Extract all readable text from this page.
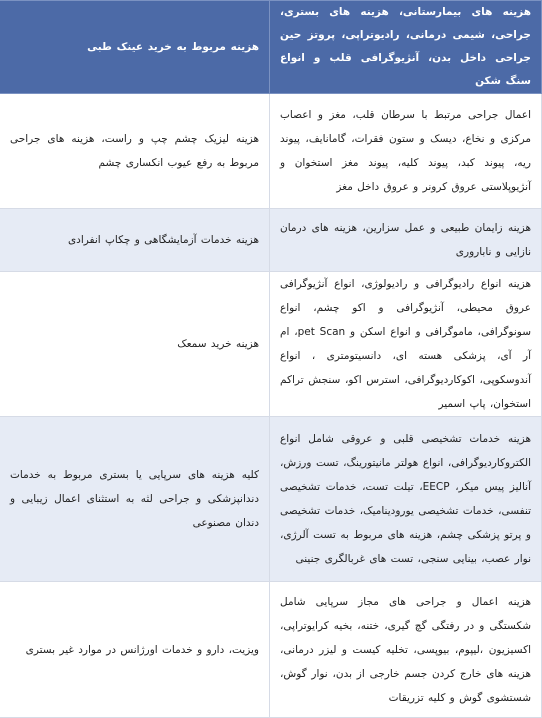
هزینه های بیمارستانی، هزینه های بستری، جراحی، شیمی درمانی، رادیوتراپی، پروتز حین جراحی داخل بدن، آنژیوگرافی قلب و انواع سنگ شکن	هزینه مربوط به خرید عینک طبی
اعمال جراحی مرتبط با سرطان قلب، مغز و اعصاب مرکزی و نخاع، دیسک و ستون فقرات، گامانایف، پیوند ریه، پیوند کبد، پیوند کلیه، پیوند مغز استخوان و آنژیوپلاستی عروق کرونر و عروق داخل مغز	هزینه لیزیک چشم چپ و راست، هزینه های جراحی مربوط به رفع عیوب انکساری چشم
هزینه زایمان طبیعی و عمل سزارین، هزینه های درمان نازایی و ناباروری	هزینه خدمات آزمایشگاهی و چکاپ انفرادی
هزینه انواع رادیوگرافی و رادیولوژی، انواع آنژیوگرافی عروق محیطی، آنژیوگرافی و اکو چشم، انواع سونوگرافی، ماموگرافی و انواع اسکن و pet Scan، ام آر آی، پزشکی هسته ای، دانسیتومتری ، انواع آندوسکوپی، اکوکاردیوگرافی، استرس اکو، سنجش تراکم استخوان، پاپ اسمیر	هزینه خرید سمعک
هزینه خدمات تشخیصی قلبی و عروقی شامل انواع الکتروکاردیوگرافی، انواع هولتر مانیتورینگ، تست ورزش، آنالیز پیس میکر، EECP، تیلت تست، خدمات تشخیصی تنفسی، خدمات تشخیصی یورودینامیک، خدمات تشخیصی و پرتو پزشکی چشم، هزینه های مربوط به تست آلرژی، نوار عصب، بینایی سنجی، تست های غربالگری جنینی	کلیه هزینه های سرپایی یا بستری مربوط به خدمات دندانپزشکی و جراحی لثه به استثنای اعمال زیبایی و دندان مصنوعی
هزینه اعمال و جراحی های مجاز سرپایی شامل شکستگی و در رفتگی گچ گیری، ختنه، بخیه کرایوتراپی، اکسیزیون ،لیپوم، بیوپسی، تخلیه کیست و لیزر درمانی، هزینه های خارج کردن جسم خارجی از بدن، نوار گوش، شستشوی گوش و کلیه تزریقات	ویزیت، دارو و خدمات اورژانس در موارد غیر بستری
